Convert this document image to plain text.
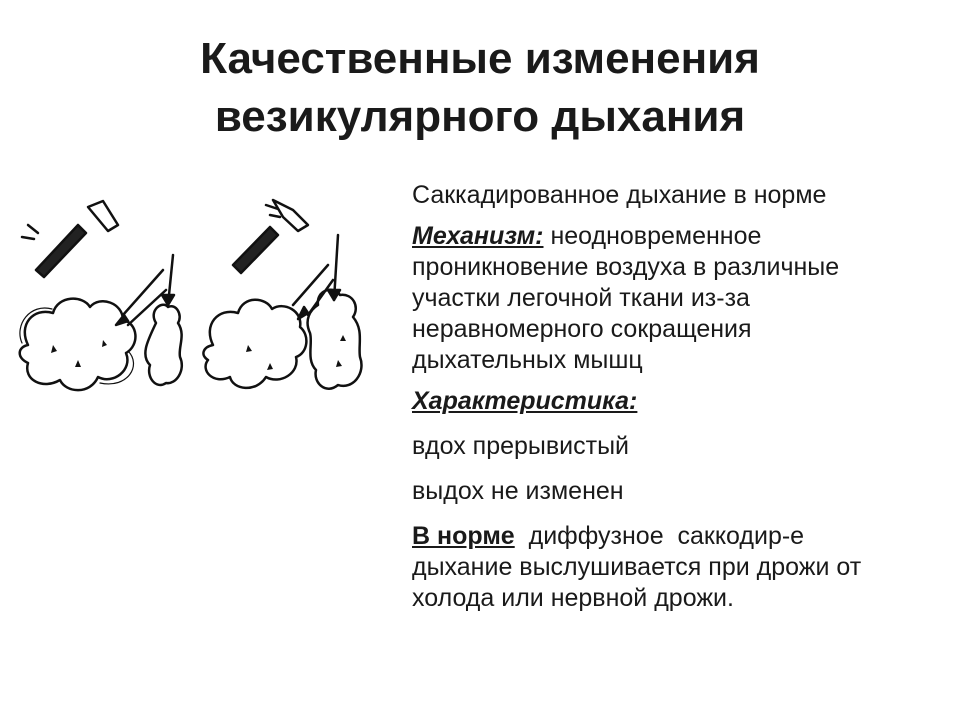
Качественные изменения
везикулярного дыхания

Саккадированное дыхание в норме

Механизм: неодновременное
проникновение воздуха в различные
участки легочной ткани из-за
неравномерного сокращения
дыхательных мышц

Характеристика:

вдох прерывистый

выдох не изменен

В норме  диффузное  саккодир-е
дыхание выслушивается при дрожи от
холода или нервной дрожи.
